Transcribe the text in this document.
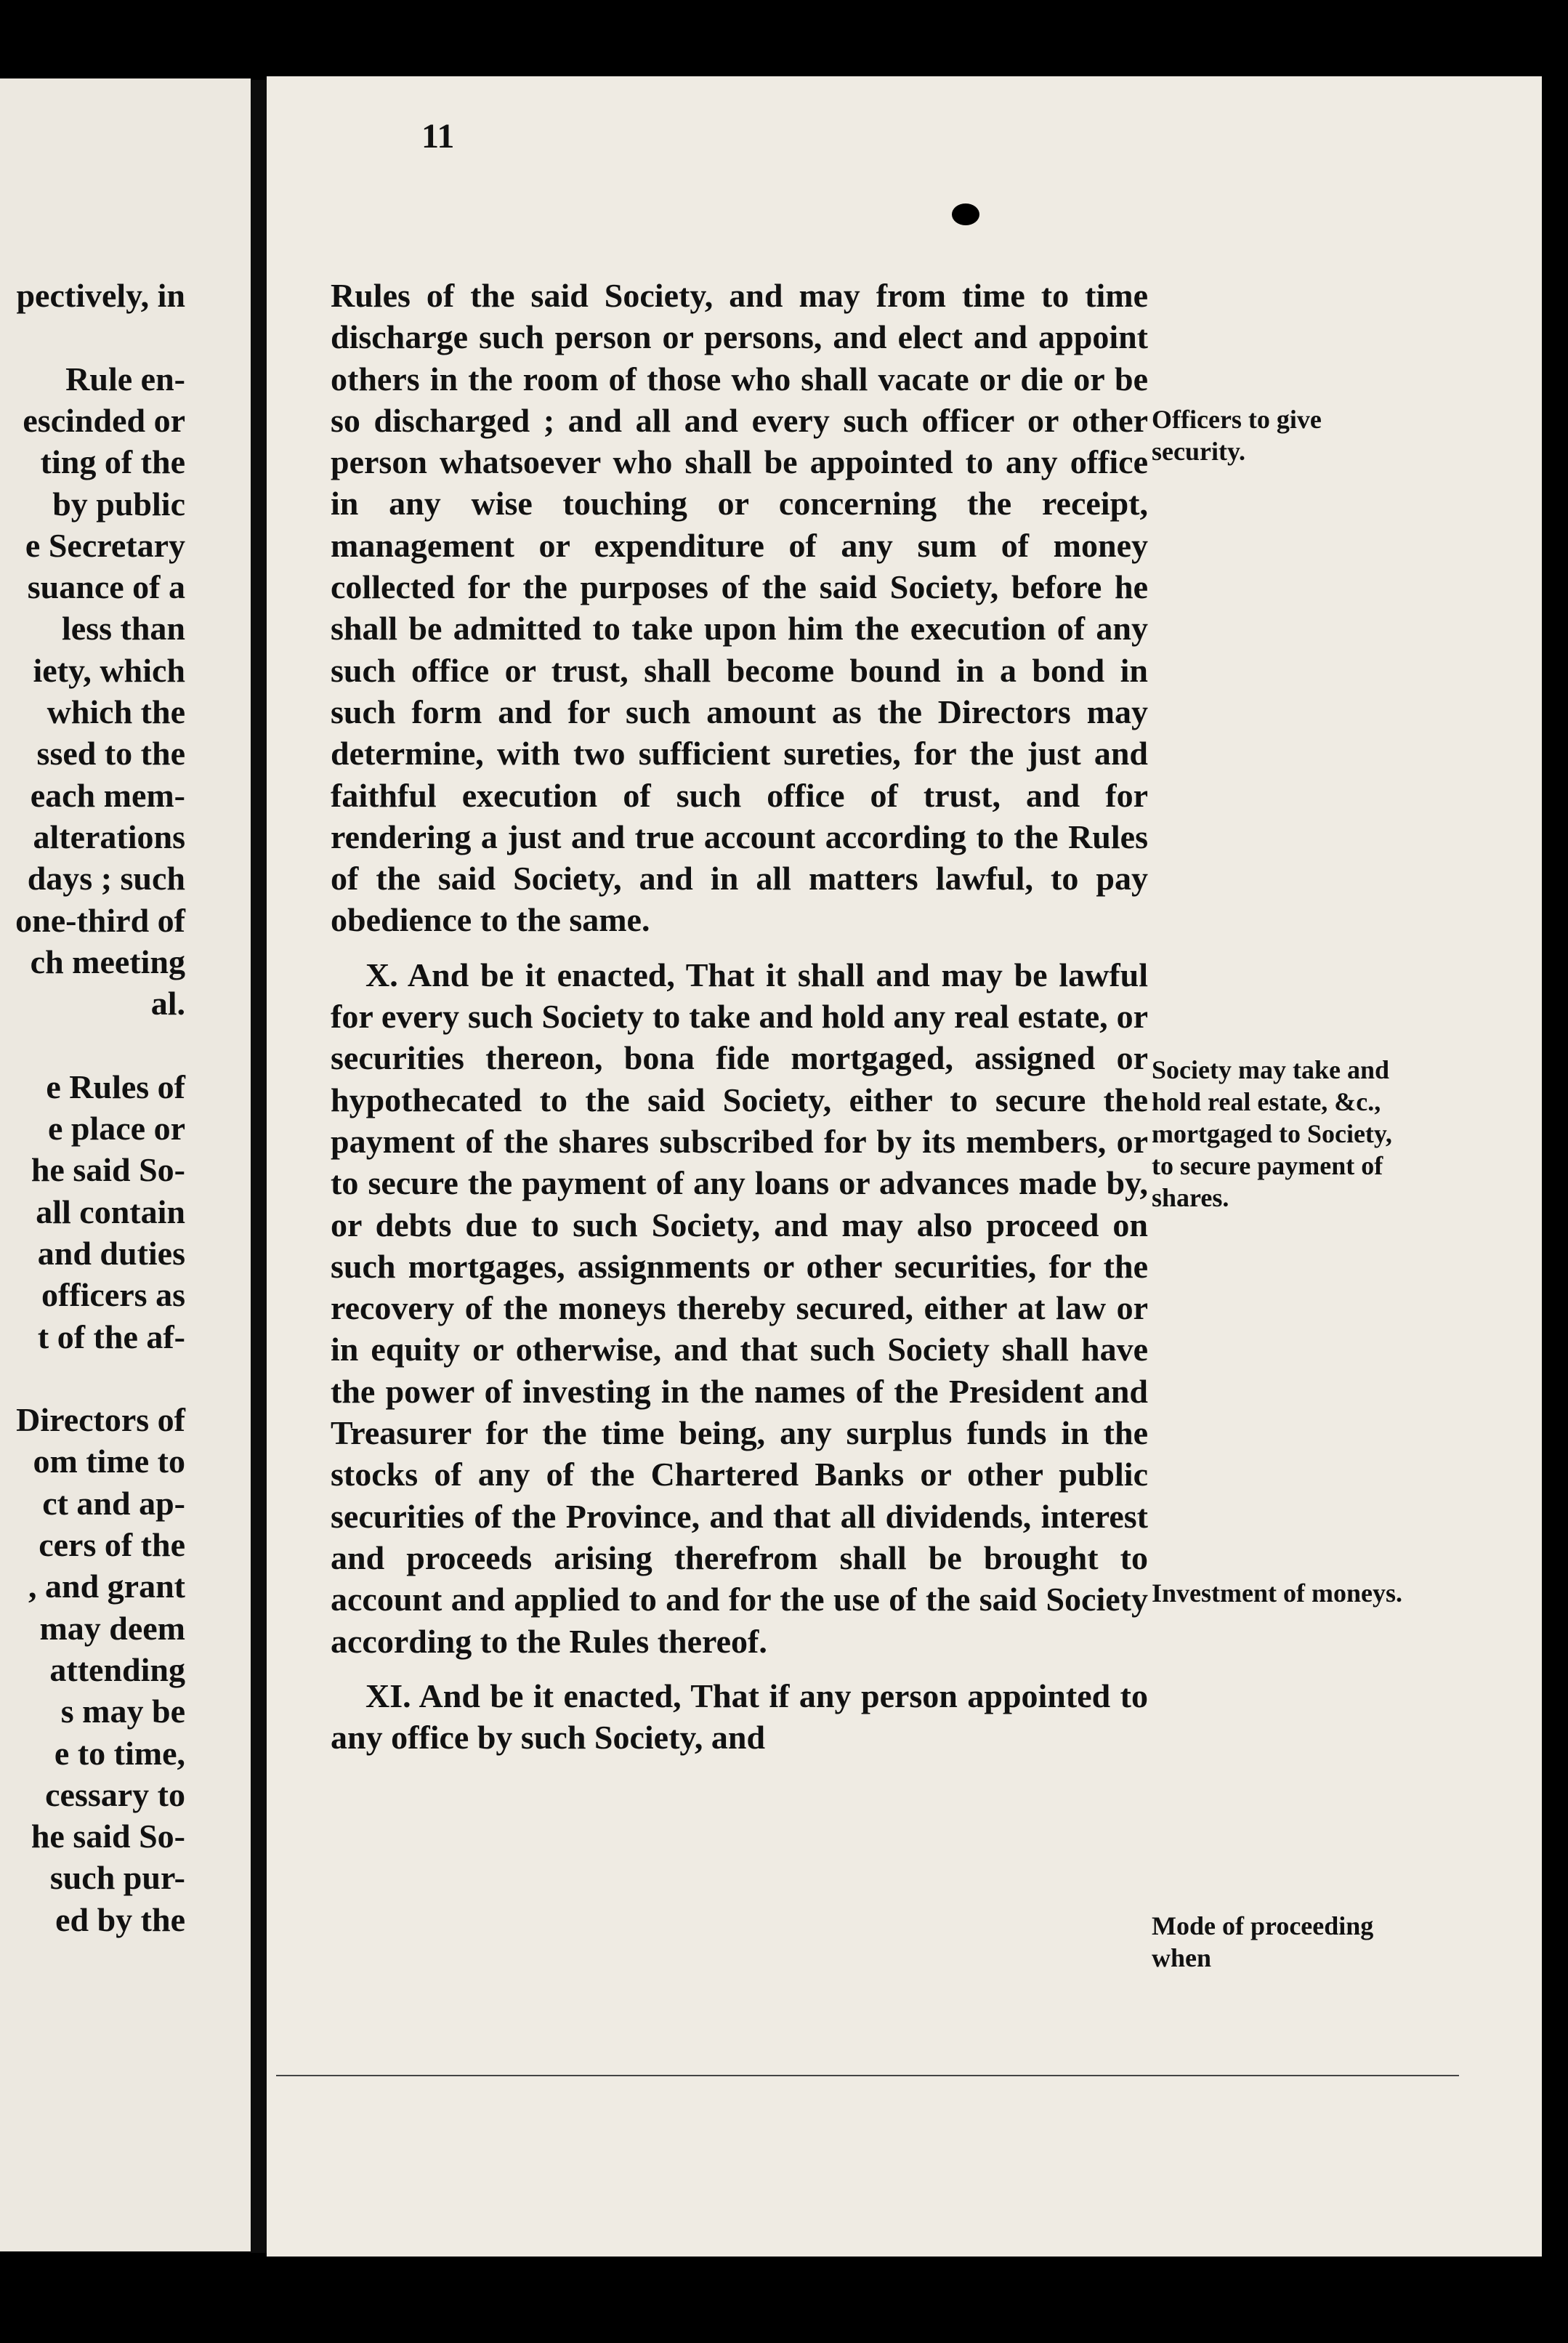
pectively, in
Rule en-
escinded or
ting of the
by public
e Secretary
suance of a
less than
iety, which
which the
ssed to the
each mem-
alterations
days ; such
one-third of
ch meeting
al.
e Rules of
e place or
he said So-
all contain
and duties
officers as
t of the af-
Directors of
om time to
ct and ap-
cers of the
, and grant
may deem
attending
s may be
e to time,
cessary to
he said So-
such pur-
ed by the
11

Rules of the said Society, and may from time to time discharge such person or persons, and elect and appoint others in the room of those who shall vacate or die or be so discharged ; and all and every such officer or other person whatsoever who shall be appointed to any office in any wise touching or concerning the receipt, management or expenditure of any sum of money collected for the purposes of the said Society, before he shall be admitted to take upon him the execution of any such office or trust, shall become bound in a bond in such form and for such amount as the Directors may determine, with two sufficient sureties, for the just and faithful execution of such office of trust, and for rendering a just and true account according to the Rules of the said Society, and in all matters lawful, to pay obedience to the same.

X. And be it enacted, That it shall and may be lawful for every such Society to take and hold any real estate, or securities thereon, bona fide mortgaged, assigned or hypothecated to the said Society, either to secure the payment of the shares subscribed for by its members, or to secure the payment of any loans or advances made by, or debts due to such Society, and may also proceed on such mortgages, assignments or other securities, for the recovery of the moneys thereby secured, either at law or in equity or otherwise, and that such Society shall have the power of investing in the names of the President and Treasurer for the time being, any surplus funds in the stocks of any of the Chartered Banks or other public securities of the Province, and that all dividends, interest and proceeds arising therefrom shall be brought to account and applied to and for the use of the said Society according to the Rules thereof.

XI. And be it enacted, That if any person appointed to any office by such Society, and

Officers to give security.
Society may take and hold real estate, &c., mortgaged to Society, to secure payment of shares.
Investment of moneys.
Mode of proceeding when
